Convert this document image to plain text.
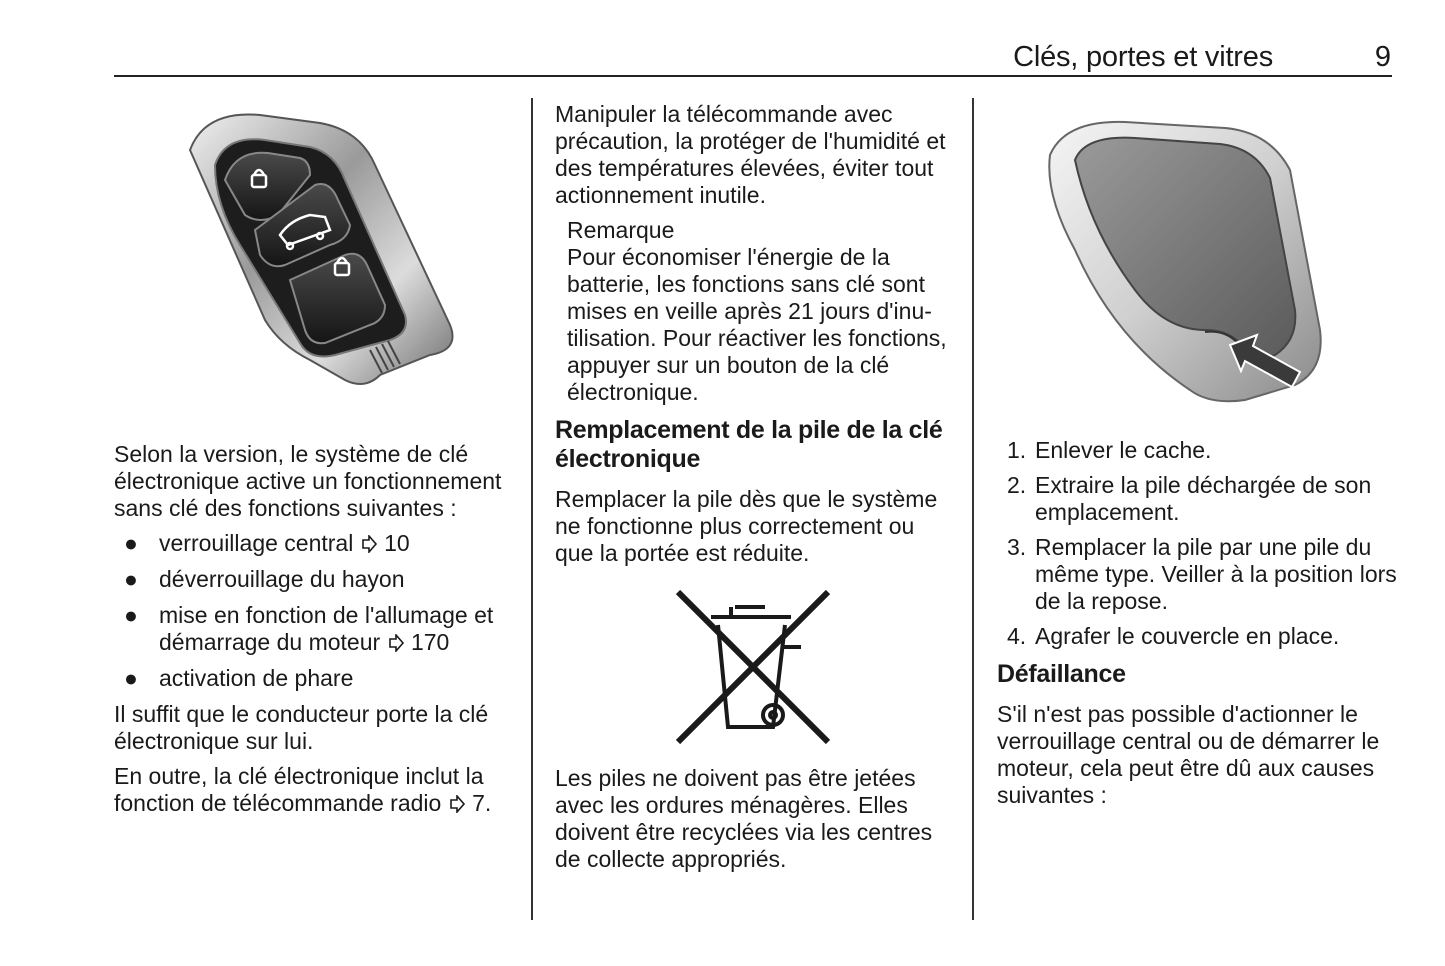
Clés, portes et vitres	9

Selon la version, le système de clé électronique active un fonctionnement sans clé des fonctions suivantes :

● verrouillage central 10
● déverrouillage du hayon
● mise en fonction de l'allumage et démarrage du moteur 170
● activation de phare

Il suffit que le conducteur porte la clé électronique sur lui.

En outre, la clé électronique inclut la fonction de télécommande radio 7.

Manipuler la télécommande avec précaution, la protéger de l'humidité et des températures élevées, éviter tout actionnement inutile.

Remarque
Pour économiser l'énergie de la batterie, les fonctions sans clé sont mises en veille après 21 jours d'inutilisation. Pour réactiver les fonctions, appuyer sur un bouton de la clé électronique.
Remplacement de la pile de la clé électronique

Remplacer la pile dès que le système ne fonctionne plus correctement ou que la portée est réduite.

Les piles ne doivent pas être jetées avec les ordures ménagères. Elles doivent être recyclées via les centres de collecte appropriés.

1. Enlever le cache.
2. Extraire la pile déchargée de son emplacement.
3. Remplacer la pile par une pile du même type. Veiller à la position lors de la repose.
4. Agrafer le couvercle en place.
Défaillance

S'il n'est pas possible d'actionner le verrouillage central ou de démarrer le moteur, cela peut être dû aux causes suivantes :
